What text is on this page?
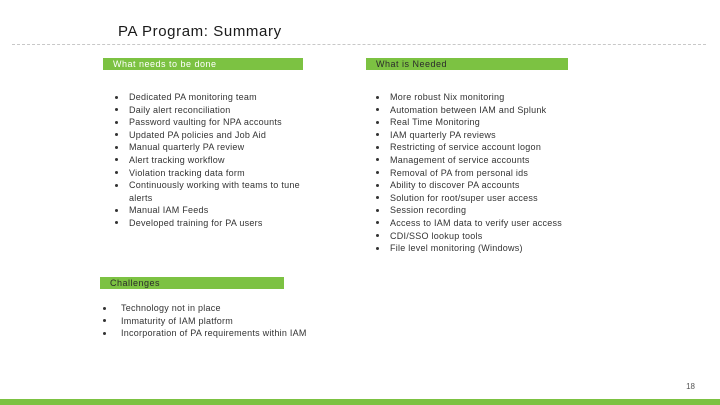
PA Program: Summary
What needs to be done
Dedicated PA monitoring team
Daily alert reconciliation
Password vaulting for NPA accounts
Updated PA policies and Job Aid
Manual quarterly PA review
Alert tracking workflow
Violation tracking data form
Continuously working with teams to tune alerts
Manual IAM Feeds
Developed training for PA users
What is Needed
More robust Nix monitoring
Automation between IAM and Splunk
Real Time Monitoring
IAM quarterly PA reviews
Restricting of service account logon
Management of service accounts
Removal of PA from personal ids
Ability to discover PA accounts
Solution for root/super user access
Session recording
Access to IAM data to verify user access
CDI/SSO lookup tools
File level monitoring (Windows)
Challenges
Technology not in place
Immaturity of IAM platform
Incorporation of PA requirements within IAM
18
